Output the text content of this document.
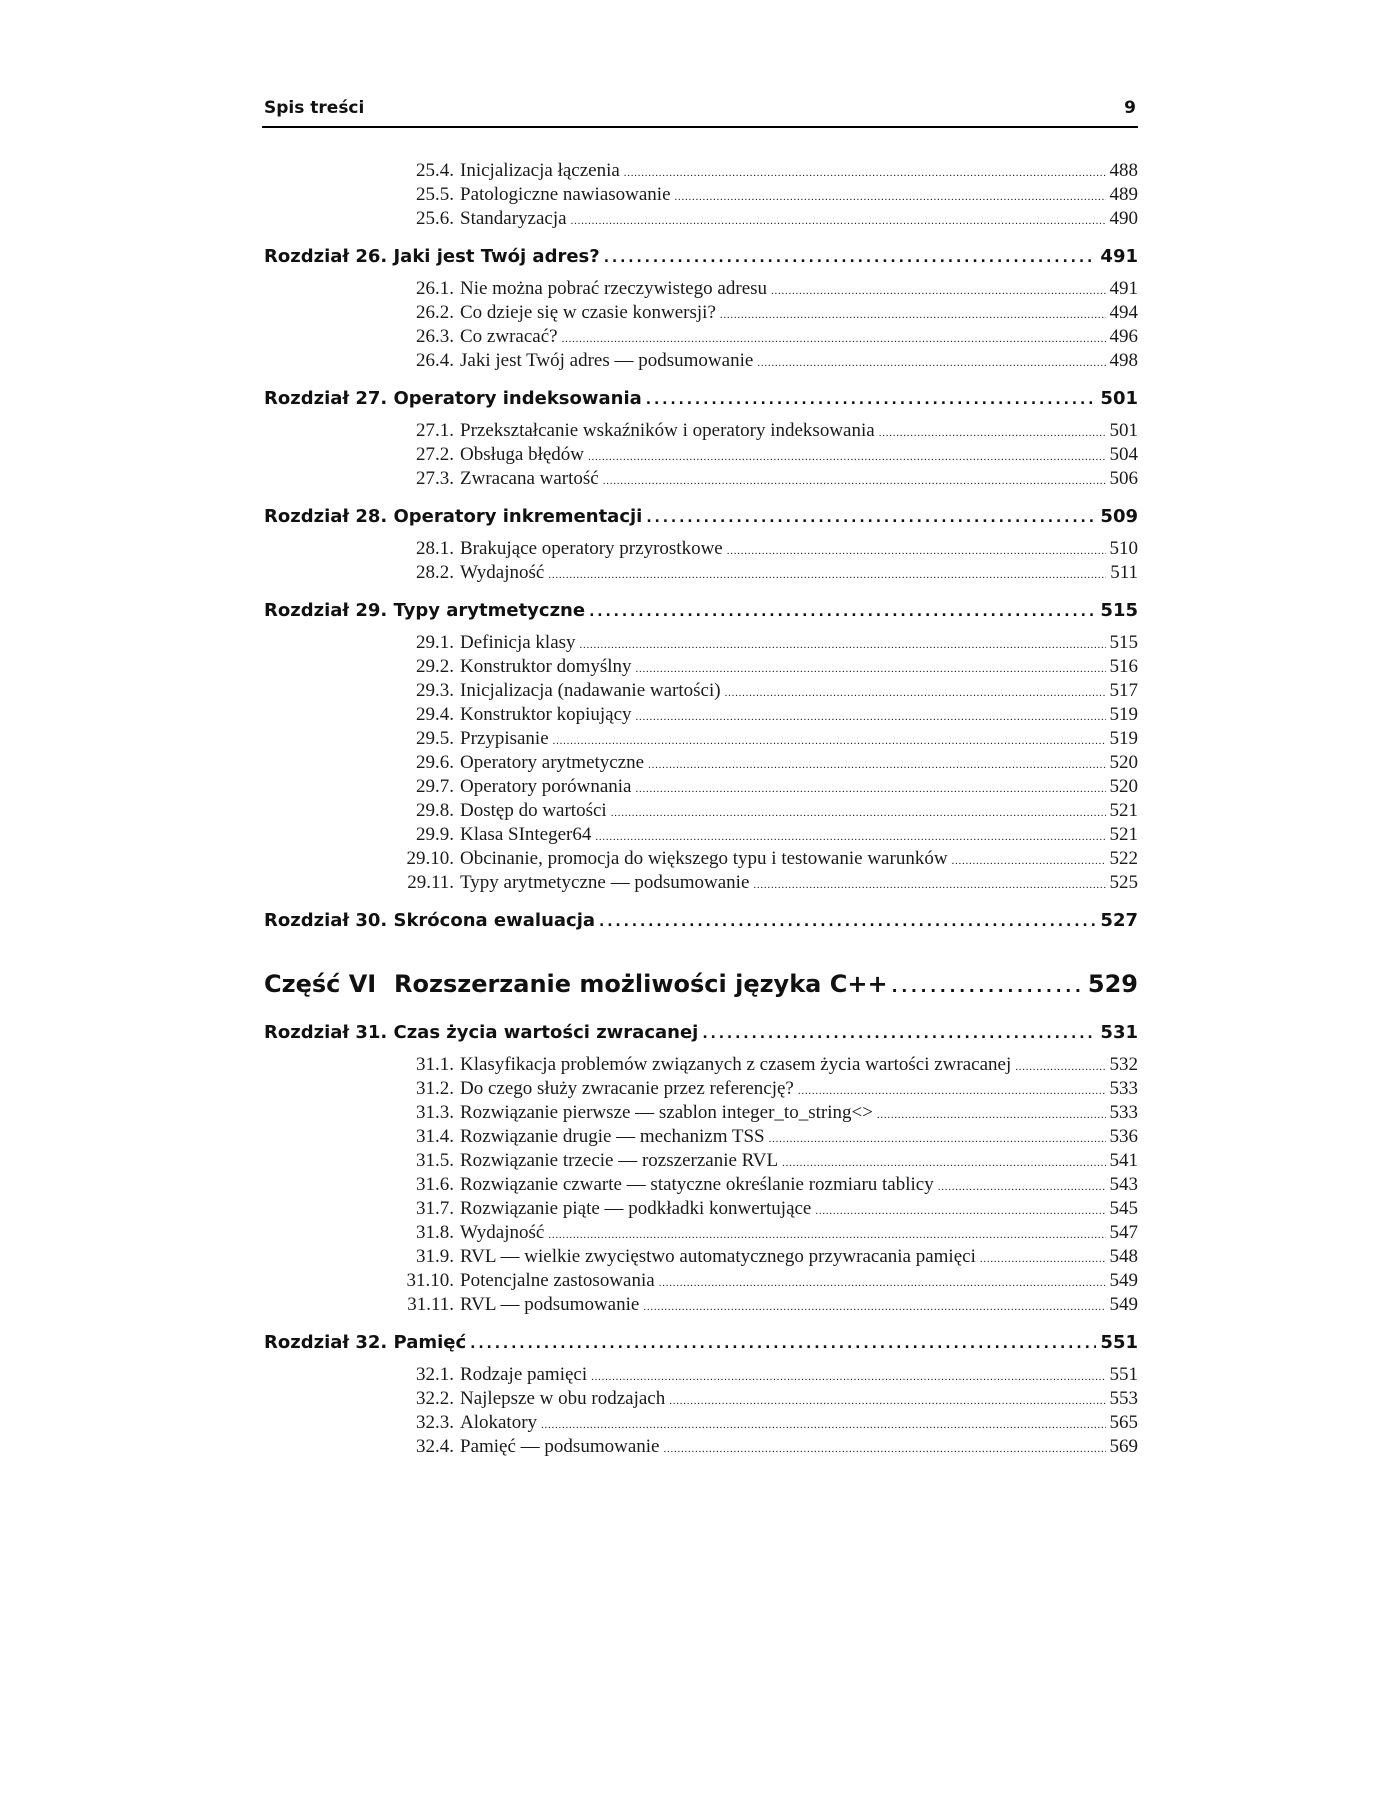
Spis treści	9
25.4. Inicjalizacja łączenia . . .	488
25.5. Patologiczne nawiasowanie . . .	489
25.6. Standaryzacja . . .	490
Rozdział 26. Jaki jest Twój adres? . . .	491
26.1. Nie można pobrać rzeczywistego adresu . . .	491
26.2. Co dzieje się w czasie konwersji? . . .	494
26.3. Co zwracać? . . .	496
26.4. Jaki jest Twój adres — podsumowanie . . .	498
Rozdział 27. Operatory indeksowania . . .	501
27.1. Przekształcanie wskaźników i operatory indeksowania . . .	501
27.2. Obsługa błędów . . .	504
27.3. Zwracana wartość . . .	506
Rozdział 28. Operatory inkrementacji . . .	509
28.1. Brakujące operatory przyrostkowe . . .	510
28.2. Wydajność . . .	511
Rozdział 29. Typy arytmetyczne . . .	515
29.1. Definicja klasy . . .	515
29.2. Konstruktor domyślny . . .	516
29.3. Inicjalizacja (nadawanie wartości) . . .	517
29.4. Konstruktor kopiujący . . .	519
29.5. Przypisanie . . .	519
29.6. Operatory arytmetyczne . . .	520
29.7. Operatory porównania . . .	520
29.8. Dostęp do wartości . . .	521
29.9. Klasa SInteger64 . . .	521
29.10. Obcinanie, promocja do większego typu i testowanie warunków . . .	522
29.11. Typy arytmetyczne — podsumowanie . . .	525
Rozdział 30. Skrócona ewaluacja . . .	527
Część VI Rozszerzanie możliwości języka C++ . . .	529
Rozdział 31. Czas życia wartości zwracanej . . .	531
31.1. Klasyfikacja problemów związanych z czasem życia wartości zwracanej . . .	532
31.2. Do czego służy zwracanie przez referencję? . . .	533
31.3. Rozwiązanie pierwsze — szablon integer_to_string<> . . .	533
31.4. Rozwiązanie drugie — mechanizm TSS . . .	536
31.5. Rozwiązanie trzecie — rozszerzanie RVL . . .	541
31.6. Rozwiązanie czwarte — statyczne określanie rozmiaru tablicy . . .	543
31.7. Rozwiązanie piąte — podkładki konwertujące . . .	545
31.8. Wydajność . . .	547
31.9. RVL — wielkie zwycięstwo automatycznego przywracania pamięci . . .	548
31.10. Potencjalne zastosowania . . .	549
31.11. RVL — podsumowanie . . .	549
Rozdział 32. Pamięć . . .	551
32.1. Rodzaje pamięci . . .	551
32.2. Najlepsze w obu rodzajach . . .	553
32.3. Alokatory . . .	565
32.4. Pamięć — podsumowanie . . .	569
